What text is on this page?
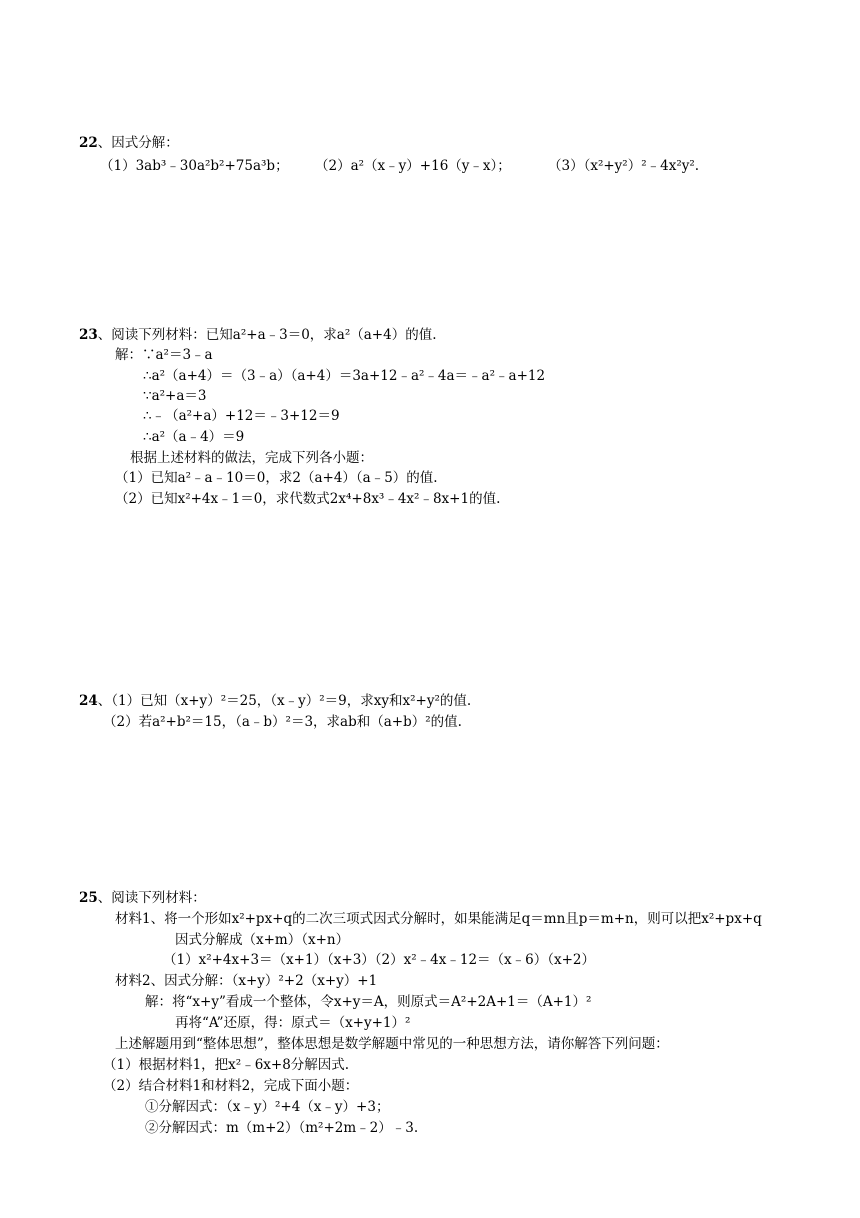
22、因式分解：
（1）3ab³﹣30a²b²+75a³b； （2）a²（x﹣y）+16（y﹣x）；	（3）（x²+y²）²﹣4x²y².
23、阅读下列材料：已知a²+a﹣3＝0，求a²（a+4）的值.
解：∵a²＝3﹣a
∴a²（a+4）＝（3﹣a）（a+4）＝3a+12﹣a²﹣4a＝﹣a²﹣a+12
∵a²+a＝3
∴﹣（a²+a）+12＝﹣3+12＝9
∴a²（a﹣4）＝9
根据上述材料的做法，完成下列各小题：
（1）已知a²﹣a﹣10＝0，求2（a+4）（a﹣5）的值.
（2）已知x²+4x﹣1＝0，求代数式2x⁴+8x³﹣4x²﹣8x+1的值.
24、（1）已知（x+y）²＝25，（x﹣y）²＝9，求xy和x²+y²的值.
（2）若a²+b²＝15，（a﹣b）²＝3，求ab和（a+b）²的值.
25、阅读下列材料：
材料1、将一个形如x²+px+q的二次三项式因式分解时，如果能满足q＝mn且p＝m+n，则可以把x²+px+q
因式分解成（x+m）（x+n）
（1）x²+4x+3＝（x+1）（x+3）（2）x²﹣4x﹣12＝（x﹣6）（x+2）
材料2、因式分解：（x+y）²+2（x+y）+1
解：将“x+y”看成一个整体，令x+y＝A，则原式＝A²+2A+1＝（A+1）²
再将“A”还原，得：原式＝（x+y+1）²
上述解题用到“整体思想”，整体思想是数学解题中常见的一种思想方法，请你解答下列问题：
（1）根据材料1，把x²﹣6x+8分解因式.
（2）结合材料1和材料2，完成下面小题：
①分解因式：（x﹣y）²+4（x﹣y）+3；
②分解因式：m（m+2）（m²+2m﹣2）﹣3.
